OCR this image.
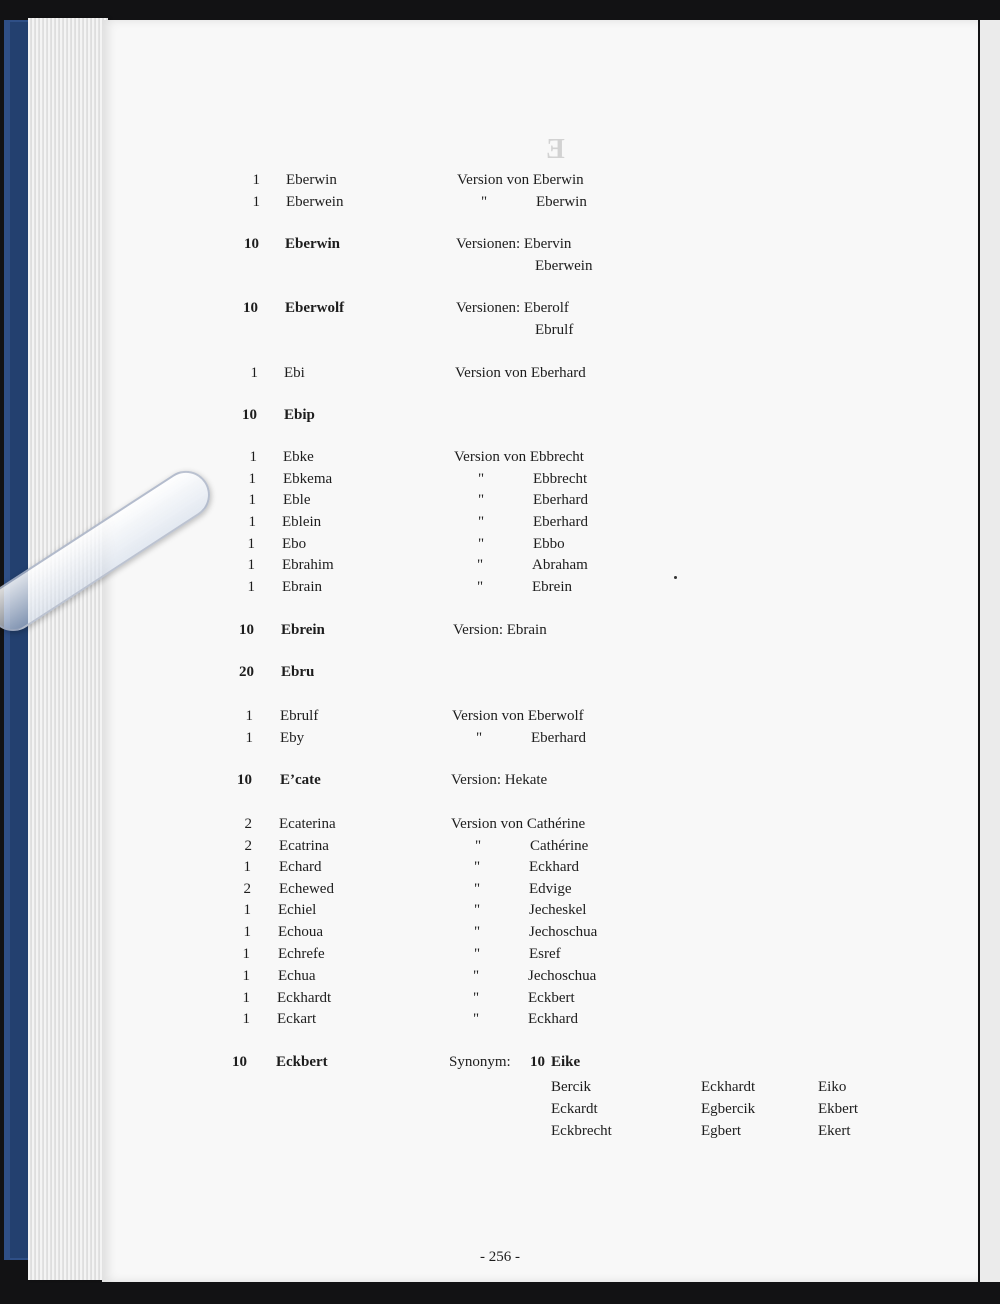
E
1 Eberwin	Version von Eberwin
1 Eberwein	"	Eberwin
10 Eberwin	Versionen: Ebervin
Eberwein
10 Eberwolf	Versionen: Eberolf
Ebrulf
1 Ebi	Version von Eberhard
10 Ebip
1 Ebke	Version von Ebbrecht
1 Ebkema	"	Ebbrecht
1 Eble	"	Eberhard
1 Eblein	"	Eberhard
1 Ebo	"	Ebbo
1 Ebrahim	"	Abraham
1 Ebrain	"	Ebrein
10 Ebrein	Version: Ebrain
20 Ebru
1 Ebrulf	Version von Eberwolf
1 Eby	"	Eberhard
10 E’cate	Version: Hekate
2 Ecaterina	Version von Cathérine
2 Ecatrina	"	Cathérine
1 Echard	"	Eckhard
2 Echewed	"	Edvige
1 Echiel	"	Jecheskel
1 Echoua	"	Jechoschua
1 Echrefe	"	Esref
1 Echua	"	Jechoschua
1 Eckhardt	"	Eckbert
1 Eckart	"	Eckhard
10 Eckbert	Synonym: 10 Eike
Bercik	Eckhardt	Eiko
Eckardt	Egbercik	Ekbert
Eckbrecht	Egbert	Ekert
- 256 -
